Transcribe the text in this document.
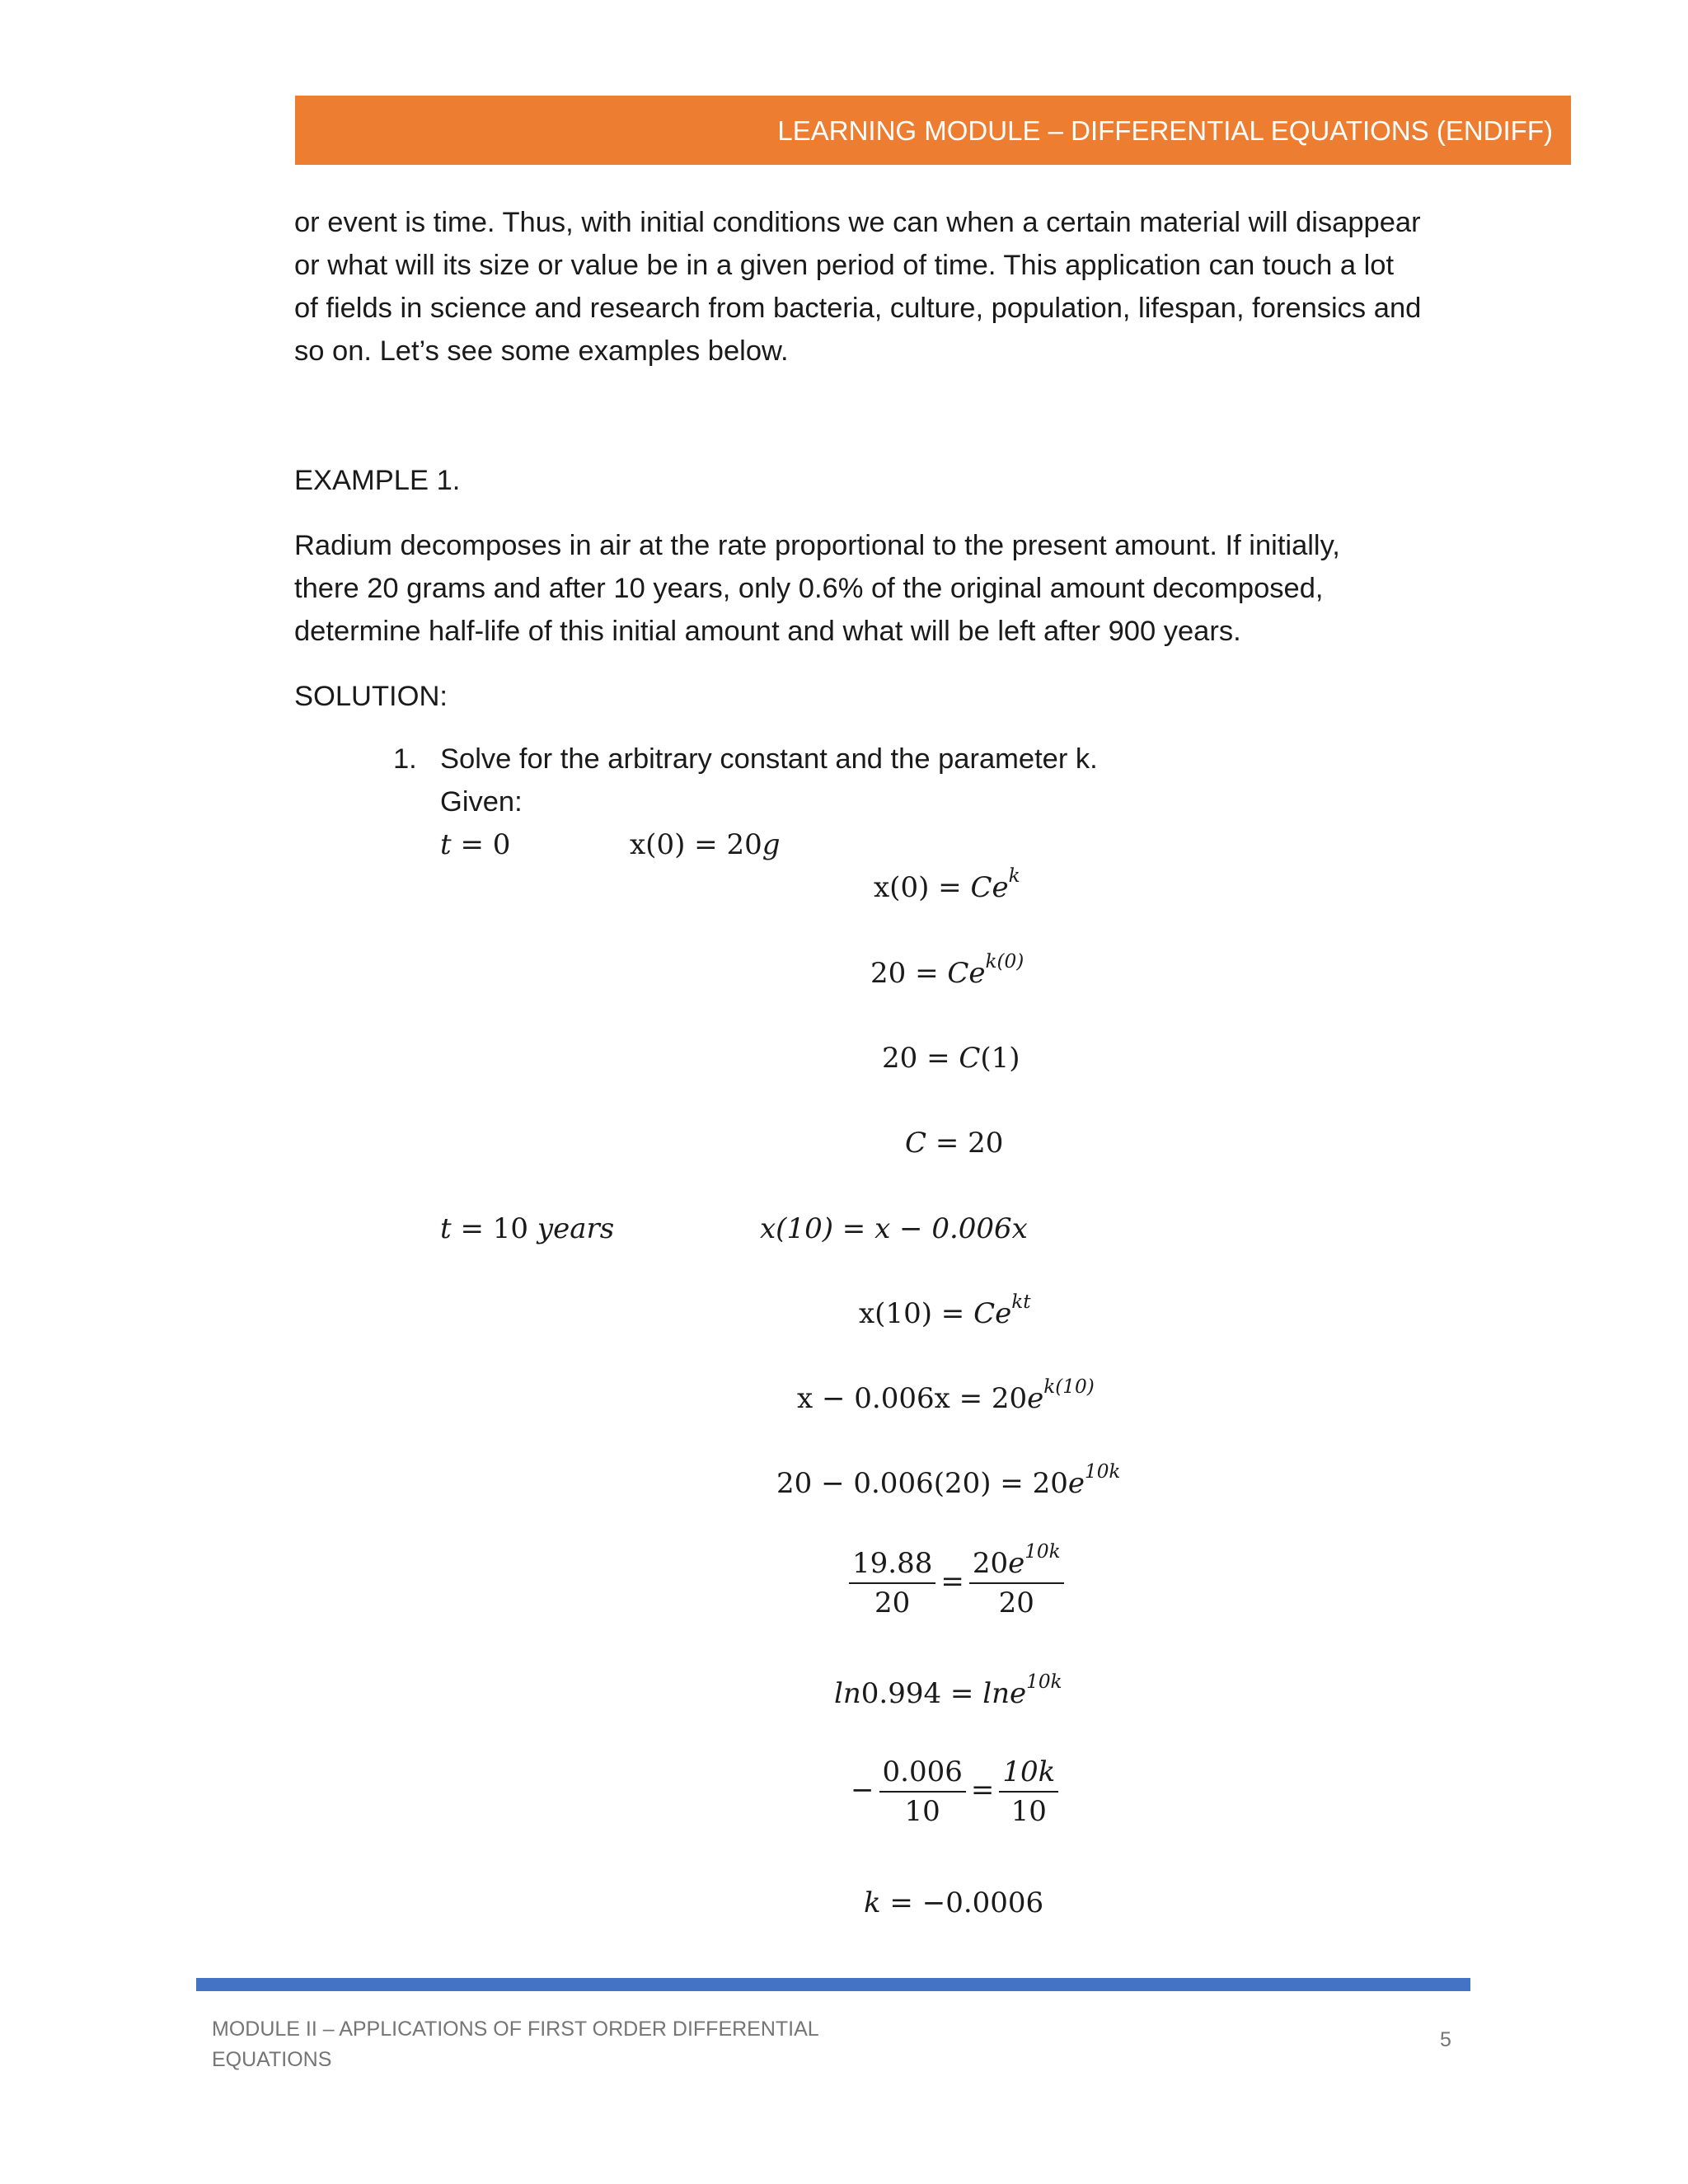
LEARNING MODULE – DIFFERENTIAL EQUATIONS (ENDIFF)

or event is time. Thus, with initial conditions we can when a certain material will disappear

or what will its size or value be in a given period of time. This application can touch a lot

of fields in science and research from bacteria, culture, population, lifespan, forensics and

so on. Let’s see some examples below.

EXAMPLE 1.

Radium decomposes in air at the rate proportional to the present amount. If initially,

there 20 grams and after 10 years, only 0.6% of the original amount decomposed,

determine half-life of this initial amount and what will be left after 900 years.

SOLUTION:
1. Solve for the arbitrary constant and the parameter k.
Given:
t = 0	x(0) = 20g
$x(0) = Ce^k$
$20 = Ce^{k(0)}$
20 = C(1)
C = 20
t = 10 years	x(10) = x − 0.006x
$x(10) = Ce^{kt}$
$x - 0.006x = 20e^{k(10)}$
$20 - 0.006(20) = 20e^{10k}$
$\frac{19.88}{20} = \frac{20e^{10k}}{20}$
ln0.994 = lne$^{10k}$
− $\frac{0.006}{10} = \frac{10k}{10}$
k = −0.0006
MODULE II – APPLICATIONS OF FIRST ORDER DIFFERENTIAL EQUATIONS
5
